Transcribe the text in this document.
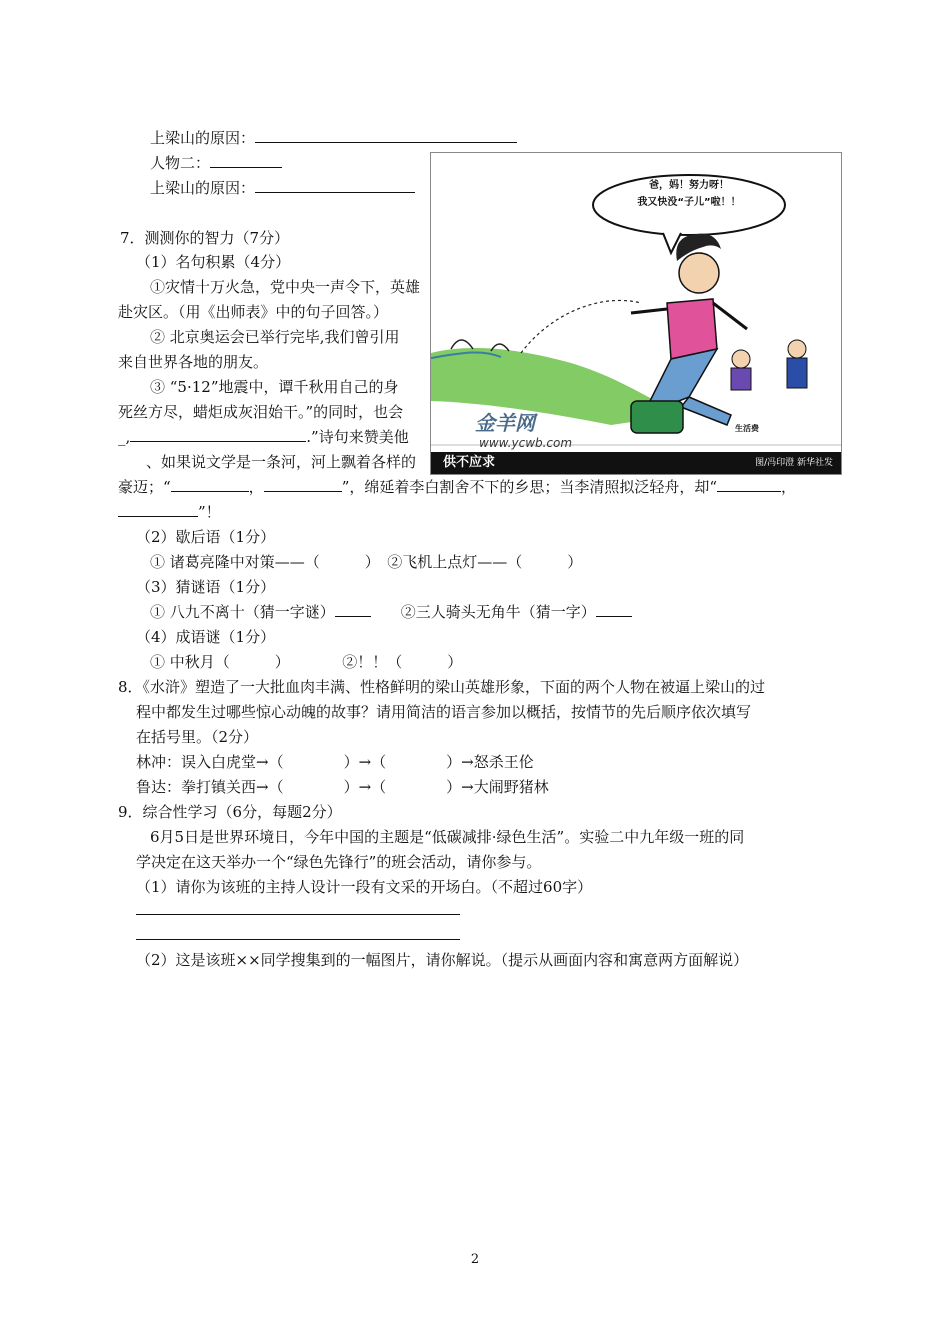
上梁山的原因：
人物二：
上梁山的原因：
7．测测你的智力（7分）
（1）名句积累（4分）
①灾情十万火急，党中央一声令下，英雄
赴灾区。（用《出师表》中的句子回答。）
② 北京奥运会已举行完毕,我们曾引用
来自世界各地的朋友。
③ “5·12”地震中，谭千秋用自己的身
死丝方尽，蜡炬成灰泪始干。”的同时，也会
_,	.”诗句来赞美他
、如果说文学是一条河，河上飘着各样的
豪迈；“	，	”，绵延着李白割舍不下的乡思；当李清照拟泛轻舟，却“	，
”！
（2）歇后语（1分）
① 诸葛亮隆中对策——（　　　）　②飞机上点灯——（　　　）
（3）猜谜语（1分）
① 八九不离十（猜一字谜）　　	②三人骑头无角牛（猜一字）
（4）成语谜（1分）
① 中秋月（　　　）　　　　②！！（　　　）
8．《水浒》塑造了一大批血肉丰满、性格鲜明的梁山英雄形象，下面的两个人物在被逼上梁山的过
程中都发生过哪些惊心动魄的故事？请用简洁的语言参加以概括，按情节的先后顺序依次填写
在括号里。（2分）
林冲：误入白虎堂→（　　　　）→（　　　　）→怒杀王伦
鲁达：拳打镇关西→（　　　　）→（　　　　）→大闹野猪林
9．综合性学习（6分，每题2分）
6月5日是世界环境日，今年中国的主题是“低碳减排·绿色生活”。实验二中九年级一班的同
学决定在这天举办一个“绿色先锋行”的班会活动，请你参与。
（1）请你为该班的主持人设计一段有文采的开场白。（不超过60字）
（2）这是该班××同学搜集到的一幅图片，请你解说。（提示从画面内容和寓意两方面解说）
爸，妈！努力呀！
我又快没“子儿”啦！！
生活费
金羊网
www.ycwb.com
供不应求	图/冯印澄 新华社发
2
